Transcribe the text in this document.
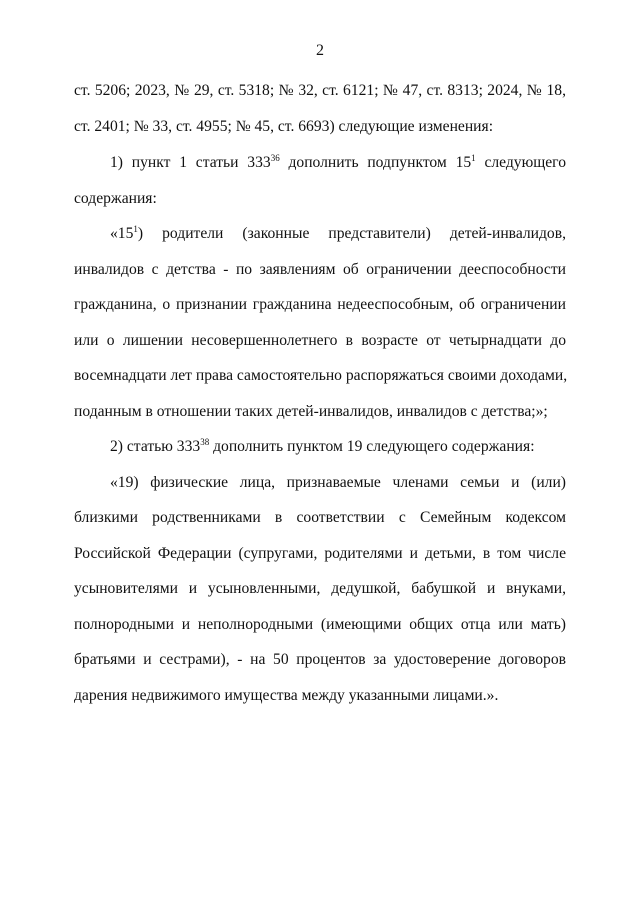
2
ст. 5206; 2023, № 29, ст. 5318; № 32, ст. 6121; № 47, ст. 8313; 2024, № 18,
ст. 2401; № 33, ст. 4955; № 45, ст. 6693) следующие изменения:
1) пункт 1 статьи $333^{36}$ дополнить подпунктом $15^1$ следующего
содержания:
«$15^1$) родители (законные представители) детей-инвалидов,
инвалидов с детства - по заявлениям об ограничении дееспособности
гражданина, о признании гражданина недееспособным, об ограничении
или о лишении несовершеннолетнего в возрасте от четырнадцати до
восемнадцати лет права самостоятельно распоряжаться своими доходами,
поданным в отношении таких детей-инвалидов, инвалидов с детства;»;
2) статью $333^{38}$ дополнить пунктом 19 следующего содержания:
«19) физические лица, признаваемые членами семьи и (или)
близкими родственниками в соответствии с Семейным кодексом
Российской Федерации (супругами, родителями и детьми, в том числе
усыновителями и усыновленными, дедушкой, бабушкой и внуками,
полнородными и неполнородными (имеющими общих отца или мать)
братьями и сестрами), - на 50 процентов за удостоверение договоров
дарения недвижимого имущества между указанными лицами.».
